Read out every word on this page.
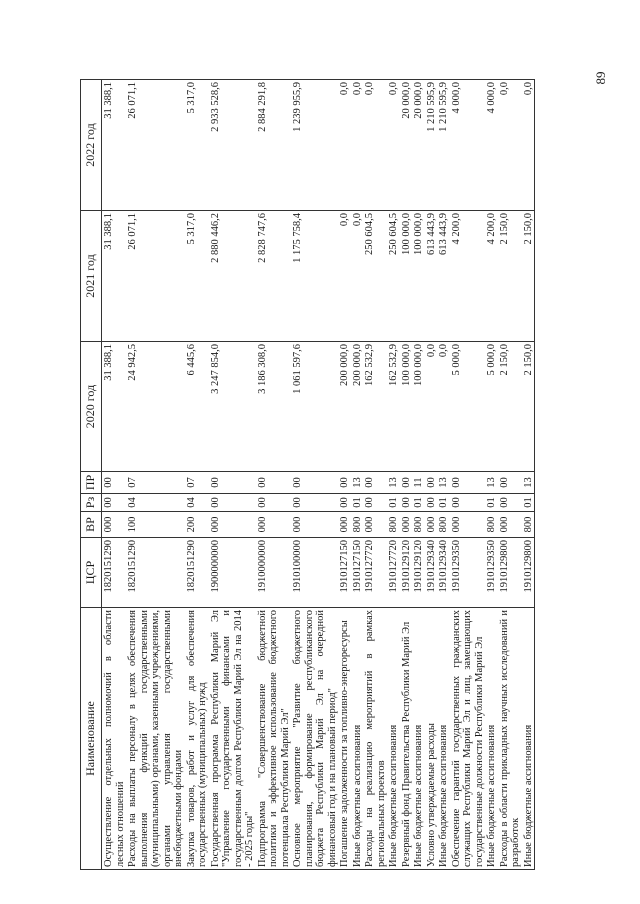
89
Наименование	ЦСР	ВР	Рз	ПР	2020 год	2021 год	2022 год
Осуществление отдельных полномочий в области лесных отношений	1820151290	000	00	00	31 388,1	31 388,1	31 388,1
Расходы на выплаты персоналу в целях обеспечения выполнения функций государственными (муниципальными) органами, казенными учреждениями, органами управления государственными внебюджетными фондами	1820151290	100	04	07	24 942,5	26 071,1	26 071,1
Закупка товаров, работ и услуг для обеспечения государственных (муниципальных) нужд	1820151290	200	04	07	6 445,6	5 317,0	5 317,0
Государственная программа Республики Марий Эл "Управление государственными финансами и государственным долгом Республики Марий Эл на 2014 - 2025 годы"	1900000000	000	00	00	3 247 854,0	2 880 446,2	2 933 528,6
Подпрограмма "Совершенствование бюджетной политики и эффективное использование бюджетного потенциала Республики Марий Эл"	1910000000	000	00	00	3 186 308,0	2 828 747,6	2 884 291,8
Основное мероприятие "Развитие бюджетного планирования, формирование республиканского бюджета Республики Марий Эл на очередной финансовый год и на плановый период"	1910100000	000	00	00	1 061 597,6	1 175 758,4	1 239 955,9
Погашение задолженности за топливно-энергоресурсы	1910127150	000	00	00	200 000,0	0,0	0,0
Иные бюджетные ассигнования	1910127150	800	01	13	200 000,0	0,0	0,0
Расходы на реализацию мероприятий в рамках региональных проектов	1910127720	000	00	00	162 532,9	250 604,5	0,0
Иные бюджетные ассигнования	1910127720	800	01	13	162 532,9	250 604,5	0,0
Резервный фонд Правительства Республики Марий Эл	1910129120	000	00	00	100 000,0	100 000,0	20 000,0
Иные бюджетные ассигнования	1910129120	800	01	11	100 000,0	100 000,0	20 000,0
Условно утверждаемые расходы	1910129340	000	00	00	0,0	613 443,9	1 210 595,9
Иные бюджетные ассигнования	1910129340	800	01	13	0,0	613 443,9	1 210 595,9
Обеспечение гарантий государственных гражданских служащих Республики Марий Эл и лиц, замещающих государственные должности Республики Марий Эл	1910129350	000	00	00	5 000,0	4 200,0	4 000,0
Иные бюджетные ассигнования	1910129350	800	01	13	5 000,0	4 200,0	4 000,0
Расходы в области прикладных научных исследований и разработок	1910129800	000	00	00	2 150,0	2 150,0	0,0
Иные бюджетные ассигнования	1910129800	800	01	13	2 150,0	2 150,0	0,0
